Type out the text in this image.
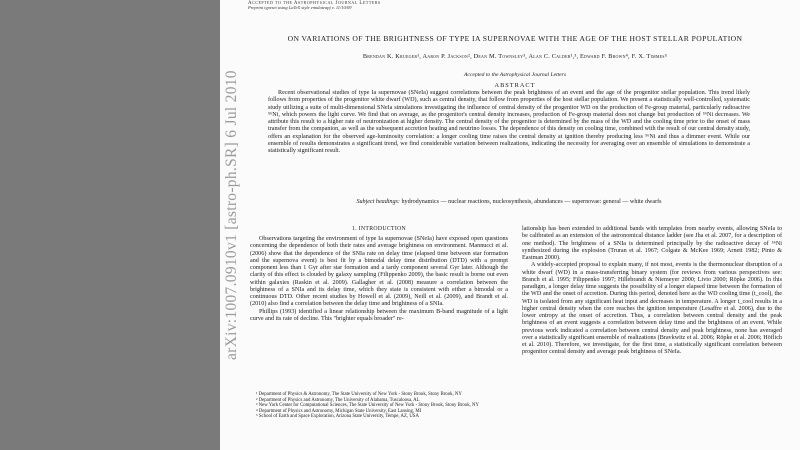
Accepted to the Astrophysical Journal Letters
Preprint typeset using LaTeX style emulateapj v. 11/10/09
ON VARIATIONS OF THE BRIGHTNESS OF TYPE IA SUPERNOVAE WITH THE AGE OF THE HOST STELLAR POPULATION
Brendan K. Krueger¹, Aaron P. Jackson², Dean M. Townsley³, Alan C. Calder¹,³, Edward F. Brown⁴, F. X. Timmes⁵
Accepted to the Astrophysical Journal Letters
ABSTRACT
Recent observational studies of type Ia supernovae (SNeIa) suggest correlations between the peak brightness of an event and the age of the progenitor stellar population. This trend likely follows from properties of the progenitor white dwarf (WD), such as central density, that follow from properties of the host stellar population. We present a statistically well-controlled, systematic study utilizing a suite of multi-dimensional SNeIa simulations investigating the influence of central density of the progenitor WD on the production of Fe-group material, particularly radioactive ⁵⁶Ni, which powers the light curve. We find that on average, as the progenitor's central density increases, production of Fe-group material does not change but production of ⁵⁶Ni decreases. We attribute this result to a higher rate of neutronization at higher density. The central density of the progenitor is determined by the mass of the WD and the cooling time prior to the onset of mass transfer from the companion, as well as the subsequent accretion heating and neutrino losses. The dependence of this density on cooling time, combined with the result of our central density study, offers an explanation for the observed age-luminosity correlation: a longer cooling time raises the central density at ignition thereby producing less ⁵⁶Ni and thus a dimmer event. While our ensemble of results demonstrates a significant trend, we find considerable variation between realizations, indicating the necessity for averaging over an ensemble of simulations to demonstrate a statistically significant result.
Subject headings: hydrodynamics — nuclear reactions, nucleosynthesis, abundances — supernovae: general — white dwarfs
1. INTRODUCTION

Observations targeting the environment of type Ia supernovae (SNeIa) have exposed open questions concerning the dependence of both their rates and average brightness on environment. Mannucci et al. (2006) show that the dependence of the SNIa rate on delay time (elapsed time between star formation and the supernova event) is best fit by a bimodal delay time distribution (DTD) with a prompt component less than 1 Gyr after star formation and a tardy component several Gyr later. Although the clarity of this effect is clouded by galaxy sampling (Filippenko 2009), the basic result is borne out even within galaxies (Raskin et al. 2009). Gallagher et al. (2008) measure a correlation between the brightness of a SNIa and its delay time, which they state is consistent with either a bimodal or a continuous DTD. Other recent studies by Howell et al. (2009), Neill et al. (2009), and Brandt et al. (2010) also find a correlation between the delay time and brightness of a SNIa.

Phillips (1993) identified a linear relationship between the maximum B-band magnitude of a light curve and its rate of decline. This "brighter equals broader" re-

¹ Department of Physics & Astronomy, The State University of New York - Stony Brook, Stony Brook, NY
² Department of Physics and Astronomy, The University of Alabama, Tuscaloosa, AL
³ New York Center for Computational Sciences, The State University of New York - Stony Brook, Stony Brook, NY
⁴ Department of Physics and Astronomy, Michigan State University, East Lansing, MI
⁵ School of Earth and Space Exploration, Arizona State University, Tempe, AZ, USA

lationship has been extended to additional bands with templates from nearby events, allowing SNeIa to be calibrated as an extension of the astronomical distance ladder (see Jha et al. 2007, for a description of one method). The brightness of a SNIa is determined principally by the radioactive decay of ⁵⁶Ni synthesized during the explosion (Truran et al. 1967; Colgate & McKee 1969; Arnett 1982; Pinto & Eastman 2000).

A widely-accepted proposal to explain many, if not most, events is the thermonuclear disruption of a white dwarf (WD) in a mass-transferring binary system (for reviews from various perspectives see: Branch et al. 1995; Filippenko 1997; Hillebrandt & Niemeyer 2000; Livio 2000; Röpke 2006). In this paradigm, a longer delay time suggests the possibility of a longer elapsed time between the formation of the WD and the onset of accretion. During this period, denoted here as the WD cooling time (t_cool), the WD is isolated from any significant heat input and decreases in temperature. A longer t_cool results in a higher central density when the core reaches the ignition temperature (Lesaffre et al. 2006), due to the lower entropy at the onset of accretion. Thus, a correlation between central density and the peak brightness of an event suggests a correlation between delay time and the brightness of an event. While previous work indicated a correlation between central density and peak brightness, none has averaged over a statistically significant ensemble of realizations (Bravkwitz et al. 2006; Röpke et al. 2006; Höflich et al. 2010). Therefore, we investigate, for the first time, a statistically significant correlation between progenitor central density and average peak brightness of SNeIa.

arXiv:1007.0910v1 [astro-ph.SR] 6 Jul 2010
